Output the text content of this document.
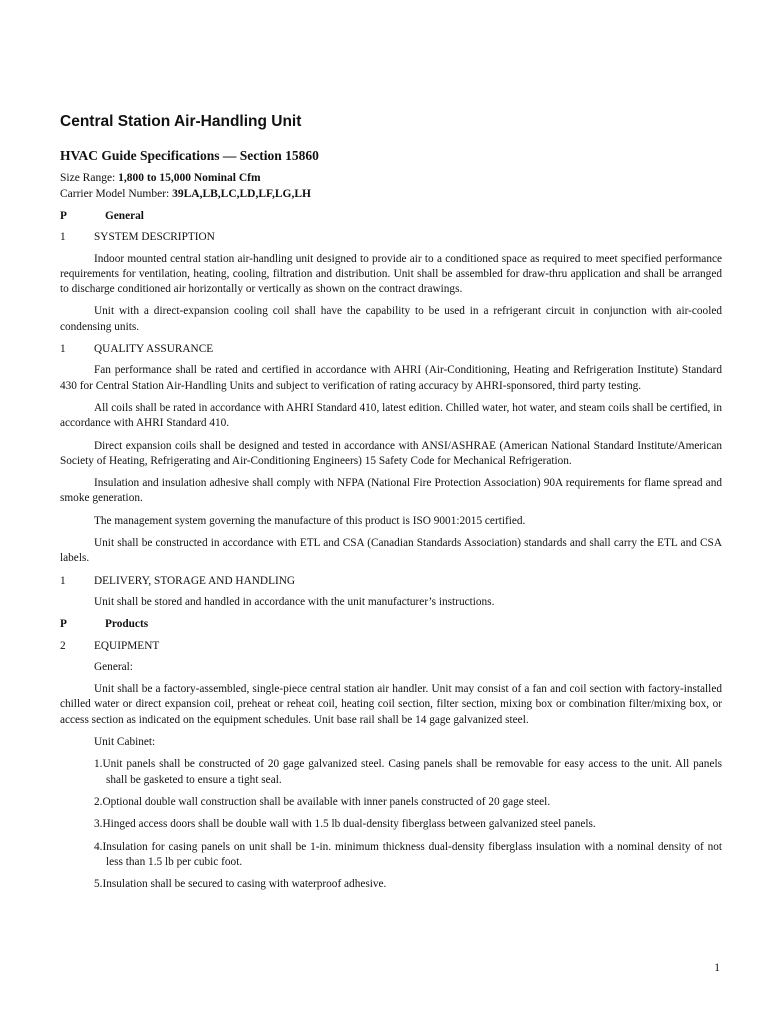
Central Station Air-Handling Unit
HVAC Guide Specifications — Section 15860
Size Range: 1,800 to 15,000 Nominal Cfm
Carrier Model Number: 39LA,LB,LC,LD,LF,LG,LH
P	General
1	SYSTEM DESCRIPTION

Indoor mounted central station air-handling unit designed to provide air to a conditioned space as required to meet specified performance requirements for ventilation, heating, cooling, filtration and distribution. Unit shall be assembled for draw-thru application and shall be arranged to discharge conditioned air horizontally or vertically as shown on the contract drawings.

Unit with a direct-expansion cooling coil shall have the capability to be used in a refrigerant circuit in conjunction with air-cooled condensing units.

1	QUALITY ASSURANCE

Fan performance shall be rated and certified in accordance with AHRI (Air-Conditioning, Heating and Refrigeration Institute) Standard 430 for Central Station Air-Handling Units and subject to verification of rating accuracy by AHRI-sponsored, third party testing.

All coils shall be rated in accordance with AHRI Standard 410, latest edition. Chilled water, hot water, and steam coils shall be certified, in accordance with AHRI Standard 410.

Direct expansion coils shall be designed and tested in accordance with ANSI/ASHRAE (American National Standard Institute/American Society of Heating, Refrigerating and Air-Conditioning Engineers) 15 Safety Code for Mechanical Refrigeration.

Insulation and insulation adhesive shall comply with NFPA (National Fire Protection Association) 90A requirements for flame spread and smoke generation.

The management system governing the manufacture of this product is ISO 9001:2015 certified.

Unit shall be constructed in accordance with ETL and CSA (Canadian Standards Association) standards and shall carry the ETL and CSA labels.

1	DELIVERY, STORAGE AND HANDLING

Unit shall be stored and handled in accordance with the unit manufacturer’s instructions.

P	Products
2	EQUIPMENT

General:

Unit shall be a factory-assembled, single-piece central station air handler. Unit may consist of a fan and coil section with factory-installed chilled water or direct expansion coil, preheat or reheat coil, heating coil section, filter section, mixing box or combination filter/mixing box, or access section as indicated on the equipment schedules. Unit base rail shall be 14 gage galvanized steel.

Unit Cabinet:

1.Unit panels shall be constructed of 20 gage galvanized steel. Casing panels shall be removable for easy access to the unit. All panels shall be gasketed to ensure a tight seal.

2.Optional double wall construction shall be available with inner panels constructed of 20 gage steel.

3.Hinged access doors shall be double wall with 1.5 lb dual-density fiberglass between galvanized steel panels.

4.Insulation for casing panels on unit shall be 1-in. minimum thickness dual-density fiberglass insulation with a nominal density of not less than 1.5 lb per cubic foot.

5.Insulation shall be secured to casing with waterproof adhesive.

1
